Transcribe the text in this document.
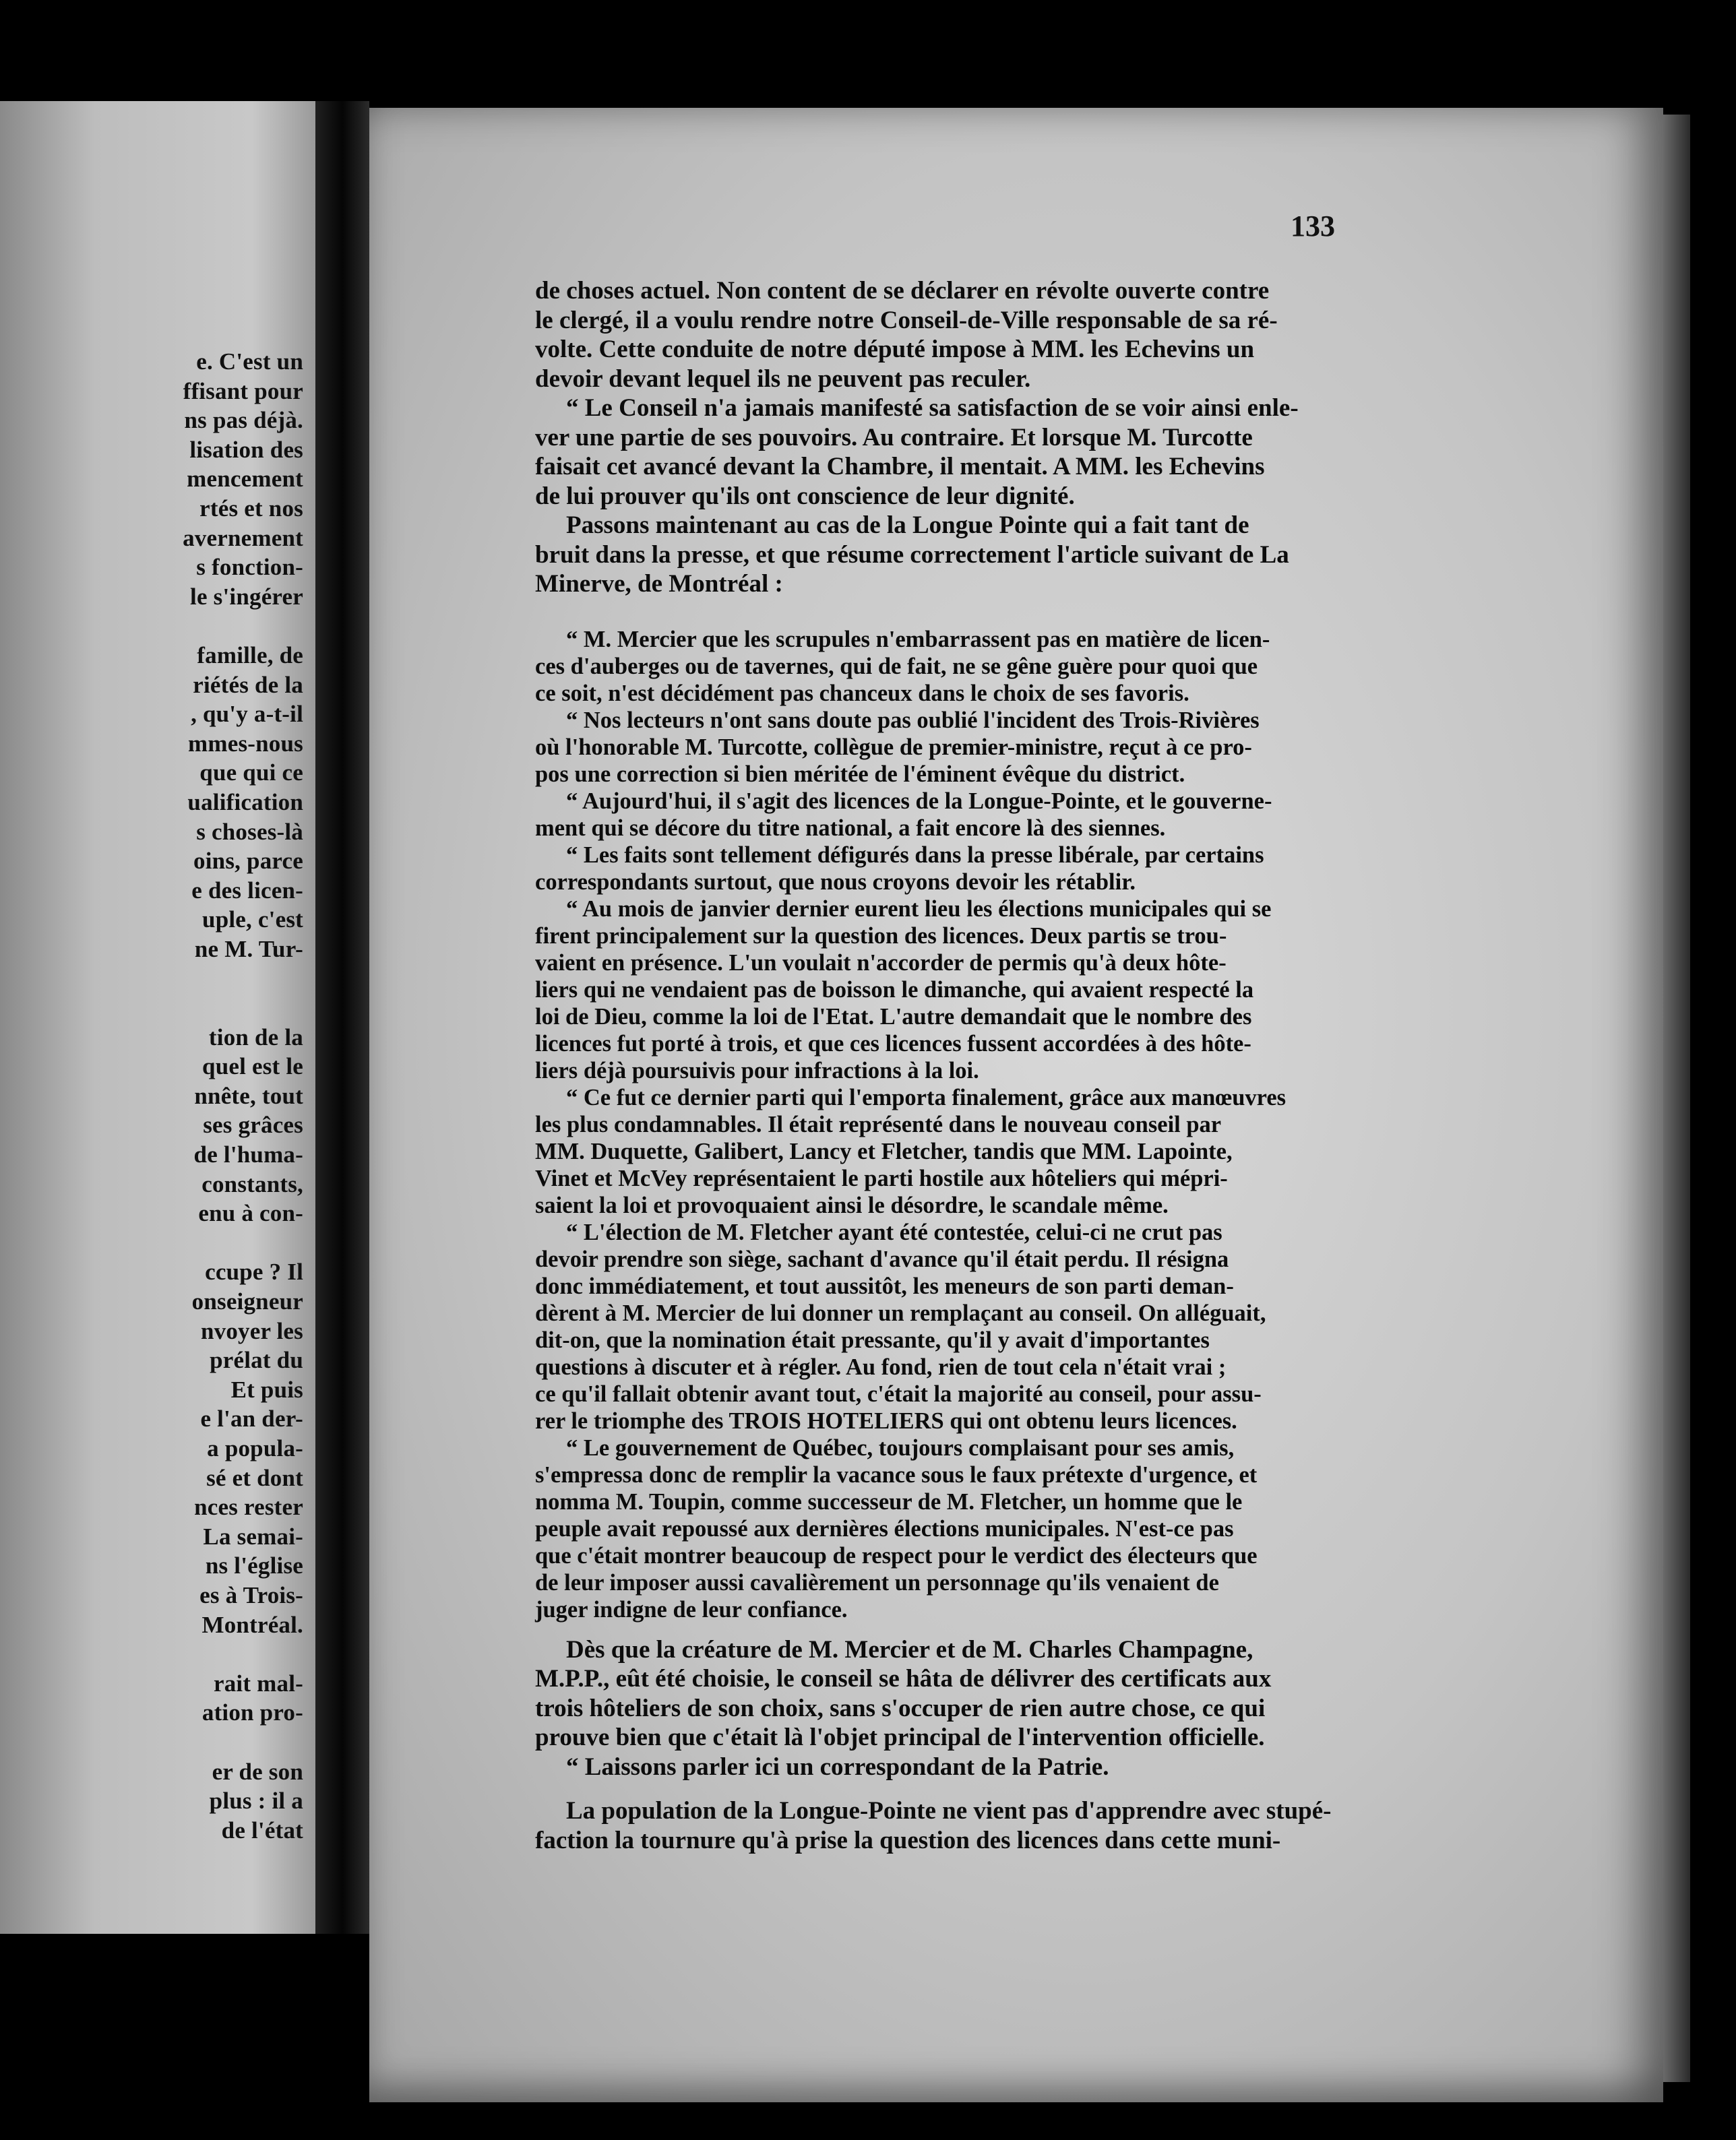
e. C'est un
ffisant pour
ns pas déjà.
lisation des
mencement
rtés et nos
avernement
s fonction-
le s'ingérer

famille, de
riétés de la
, qu'y a-t-il
mmes-nous
que qui ce
ualification
s choses-là
oins, parce
e des licen-
uple, c'est
ne M. Tur-

tion de la
quel est le
nnête, tout
ses grâces
de l'huma-
constants,
enu à con-

ccupe ? Il
onseigneur
nvoyer les
prélat du
Et puis
e l'an der-
a popula-
sé et dont
nces rester
La semai-
ns l'église
es à Trois-
Montréal.

rait mal-
ation pro-

er de son
plus : il a
de l'état
133
de choses actuel. Non content de se déclarer en révolte ouverte contre
le clergé, il a voulu rendre notre Conseil-de-Ville responsable de sa ré-
volte. Cette conduite de notre député impose à MM. les Echevins un
devoir devant lequel ils ne peuvent pas reculer.
“ Le Conseil n'a jamais manifesté sa satisfaction de se voir ainsi enle-
ver une partie de ses pouvoirs. Au contraire. Et lorsque M. Turcotte
faisait cet avancé devant la Chambre, il mentait. A MM. les Echevins
de lui prouver qu'ils ont conscience de leur dignité.
Passons maintenant au cas de la Longue Pointe qui a fait tant de
bruit dans la presse, et que résume correctement l'article suivant de La
Minerve, de Montréal :
“ M. Mercier que les scrupules n'embarrassent pas en matière de licen-
ces d'auberges ou de tavernes, qui de fait, ne se gêne guère pour quoi que
ce soit, n'est décidément pas chanceux dans le choix de ses favoris.
“ Nos lecteurs n'ont sans doute pas oublié l'incident des Trois-Rivières
où l'honorable M. Turcotte, collègue de premier-ministre, reçut à ce pro-
pos une correction si bien méritée de l'éminent évêque du district.
“ Aujourd'hui, il s'agit des licences de la Longue-Pointe, et le gouverne-
ment qui se décore du titre national, a fait encore là des siennes.
“ Les faits sont tellement défigurés dans la presse libérale, par certains
correspondants surtout, que nous croyons devoir les rétablir.
“ Au mois de janvier dernier eurent lieu les élections municipales qui se
firent principalement sur la question des licences. Deux partis se trou-
vaient en présence. L'un voulait n'accorder de permis qu'à deux hôte-
liers qui ne vendaient pas de boisson le dimanche, qui avaient respecté la
loi de Dieu, comme la loi de l'Etat. L'autre demandait que le nombre des
licences fut porté à trois, et que ces licences fussent accordées à des hôte-
liers déjà poursuivis pour infractions à la loi.
“ Ce fut ce dernier parti qui l'emporta finalement, grâce aux manœuvres
les plus condamnables. Il était représenté dans le nouveau conseil par
MM. Duquette, Galibert, Lancy et Fletcher, tandis que MM. Lapointe,
Vinet et McVey représentaient le parti hostile aux hôteliers qui mépri-
saient la loi et provoquaient ainsi le désordre, le scandale même.
“ L'élection de M. Fletcher ayant été contestée, celui-ci ne crut pas
devoir prendre son siège, sachant d'avance qu'il était perdu. Il résigna
donc immédiatement, et tout aussitôt, les meneurs de son parti deman-
dèrent à M. Mercier de lui donner un remplaçant au conseil. On alléguait,
dit-on, que la nomination était pressante, qu'il y avait d'importantes
questions à discuter et à régler. Au fond, rien de tout cela n'était vrai ;
ce qu'il fallait obtenir avant tout, c'était la majorité au conseil, pour assu-
rer le triomphe des TROIS HOTELIERS qui ont obtenu leurs licences.
“ Le gouvernement de Québec, toujours complaisant pour ses amis,
s'empressa donc de remplir la vacance sous le faux prétexte d'urgence, et
nomma M. Toupin, comme successeur de M. Fletcher, un homme que le
peuple avait repoussé aux dernières élections municipales. N'est-ce pas
que c'était montrer beaucoup de respect pour le verdict des électeurs que
de leur imposer aussi cavalièrement un personnage qu'ils venaient de
juger indigne de leur confiance.
Dès que la créature de M. Mercier et de M. Charles Champagne,
M.P.P., eût été choisie, le conseil se hâta de délivrer des certificats aux
trois hôteliers de son choix, sans s'occuper de rien autre chose, ce qui
prouve bien que c'était là l'objet principal de l'intervention officielle.
“ Laissons parler ici un correspondant de la Patrie.
La population de la Longue-Pointe ne vient pas d'apprendre avec stupé-
faction la tournure qu'à prise la question des licences dans cette muni-
